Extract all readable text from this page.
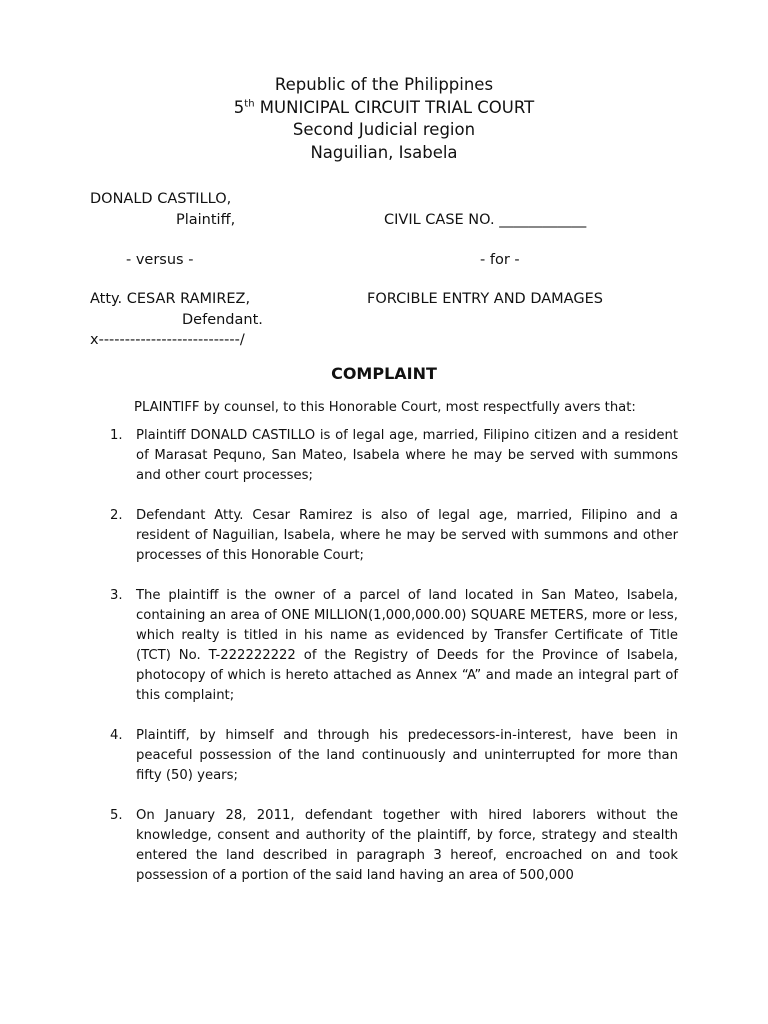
Republic of the Philippines
5th MUNICIPAL CIRCUIT TRIAL COURT
Second Judicial region
Naguilian, Isabela
DONALD CASTILLO,
Plaintiff,	CIVIL CASE NO. ____________
- versus -	- for -
Atty. CESAR RAMIREZ,	FORCIBLE ENTRY AND DAMAGES
Defendant.
x---------------------------/
COMPLAINT
PLAINTIFF by counsel, to this Honorable Court, most respectfully avers that:
1. Plaintiff DONALD CASTILLO is of legal age, married, Filipino citizen and a resident of Marasat Pequno, San Mateo, Isabela where he may be served with summons and other court processes;
2. Defendant Atty. Cesar Ramirez is also of legal age, married, Filipino and a resident of Naguilian, Isabela, where he may be served with summons and other processes of this Honorable Court;
3. The plaintiff is the owner of a parcel of land located in San Mateo, Isabela, containing an area of ONE MILLION(1,000,000.00) SQUARE METERS, more or less, which realty is titled in his name as evidenced by Transfer Certificate of Title (TCT) No. T-222222222 of the Registry of Deeds for the Province of Isabela, photocopy of which is hereto attached as Annex “A” and made an integral part of this complaint;
4. Plaintiff, by himself and through his predecessors-in-interest, have been in peaceful possession of the land continuously and uninterrupted for more than fifty (50) years;
5. On January 28, 2011, defendant together with hired laborers without the knowledge, consent and authority of the plaintiff, by force, strategy and stealth entered the land described in paragraph 3 hereof, encroached on and took possession of a portion of the said land having an area of 500,000
